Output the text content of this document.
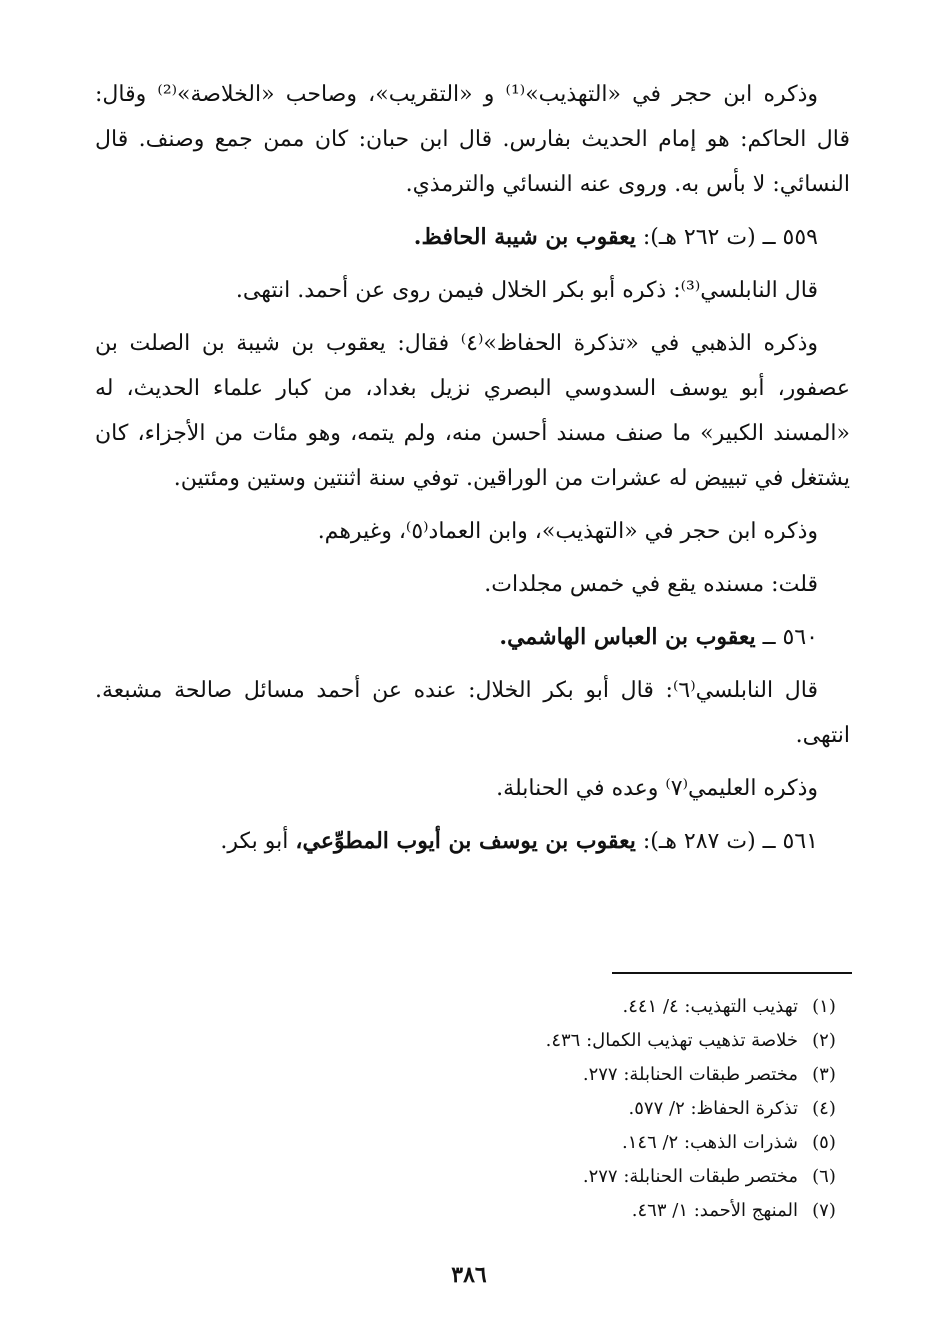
وذكره ابن حجر في «التهذيب»⁽¹⁾ و «التقريب»، وصاحب «الخلاصة»⁽²⁾ وقال: قال الحاكم: هو إمام الحديث بفارس. قال ابن حبان: كان ممن جمع وصنف. قال النسائي: لا بأس به. وروى عنه النسائي والترمذي.

٥٥٩ ــ (ت ٢٦٢ هـ): يعقوب بن شيبة الحافظ.

قال النابلسي⁽³⁾: ذكره أبو بكر الخلال فيمن روى عن أحمد. انتهى.

وذكره الذهبي في «تذكرة الحفاظ»⁽٤⁾ فقال: يعقوب بن شيبة بن الصلت بن عصفور، أبو يوسف السدوسي البصري نزيل بغداد، من كبار علماء الحديث، له «المسند الكبير» ما صنف مسند أحسن منه، ولم يتمه، وهو مئات من الأجزاء، كان يشتغل في تبييض له عشرات من الوراقين. توفي سنة اثنتين وستين ومئتين.

وذكره ابن حجر في «التهذيب»، وابن العماد⁽٥⁾، وغيرهم.

قلت: مسنده يقع في خمس مجلدات.

٥٦٠ ــ يعقوب بن العباس الهاشمي.

قال النابلسي⁽٦⁾: قال أبو بكر الخلال: عنده عن أحمد مسائل صالحة مشبعة. انتهى.

وذكره العليمي⁽٧⁾ وعده في الحنابلة.

٥٦١ ــ (ت ٢٨٧ هـ): يعقوب بن يوسف بن أيوب المطوِّعي، أبو بكر.

(١)
تهذيب التهذيب: ٤/ ٤٤١.
(٢)
خلاصة تذهيب تهذيب الكمال: ٤٣٦.
(٣)
مختصر طبقات الحنابلة: ٢٧٧.
(٤)
تذكرة الحفاظ: ٢/ ٥٧٧.
(٥)
شذرات الذهب: ٢/ ١٤٦.
(٦)
مختصر طبقات الحنابلة: ٢٧٧.
(٧)
المنهج الأحمد: ١/ ٤٦٣.
٣٨٦
